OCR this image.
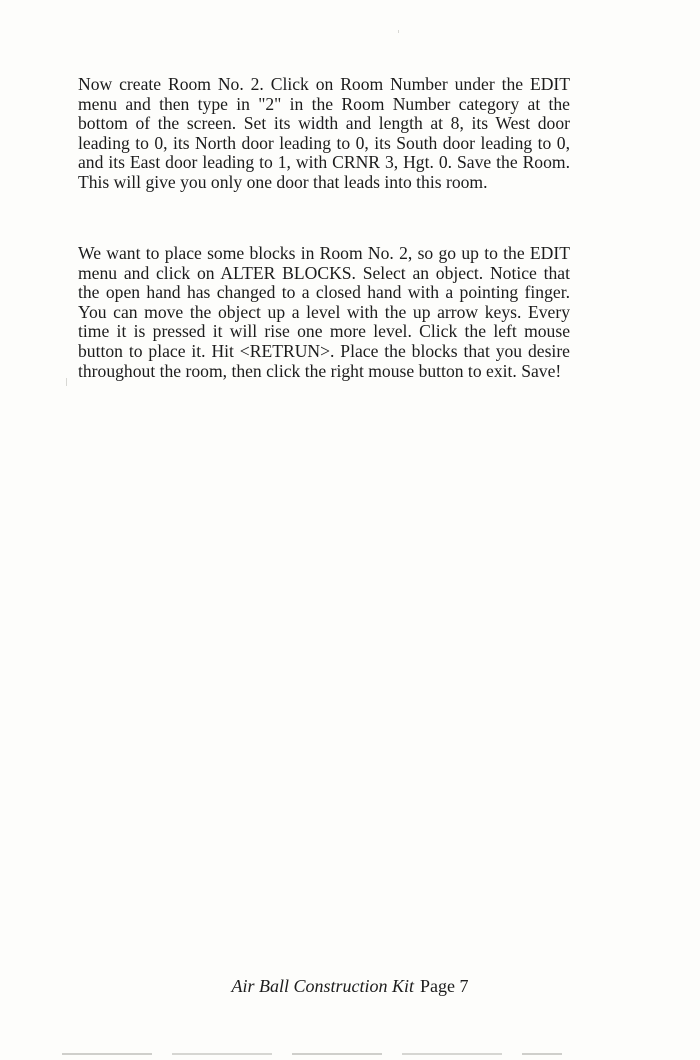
Now create Room No. 2. Click on Room Number under the EDIT menu and then type in "2" in the Room Number category at the bottom of the screen. Set its width and length at 8, its West door leading to 0, its North door leading to 0, its South door leading to 0, and its East door leading to 1, with CRNR 3, Hgt. 0. Save the Room. This will give you only one door that leads into this room.

We want to place some blocks in Room No. 2, so go up to the EDIT menu and click on ALTER BLOCKS. Select an object. Notice that the open hand has changed to a closed hand with a pointing finger. You can move the object up a level with the up arrow keys. Every time it is pressed it will rise one more level. Click the left mouse button to place it. Hit <RETRUN>. Place the blocks that you desire throughout the room, then click the right mouse button to exit. Save!

Air Ball Construction Kit Page 7
